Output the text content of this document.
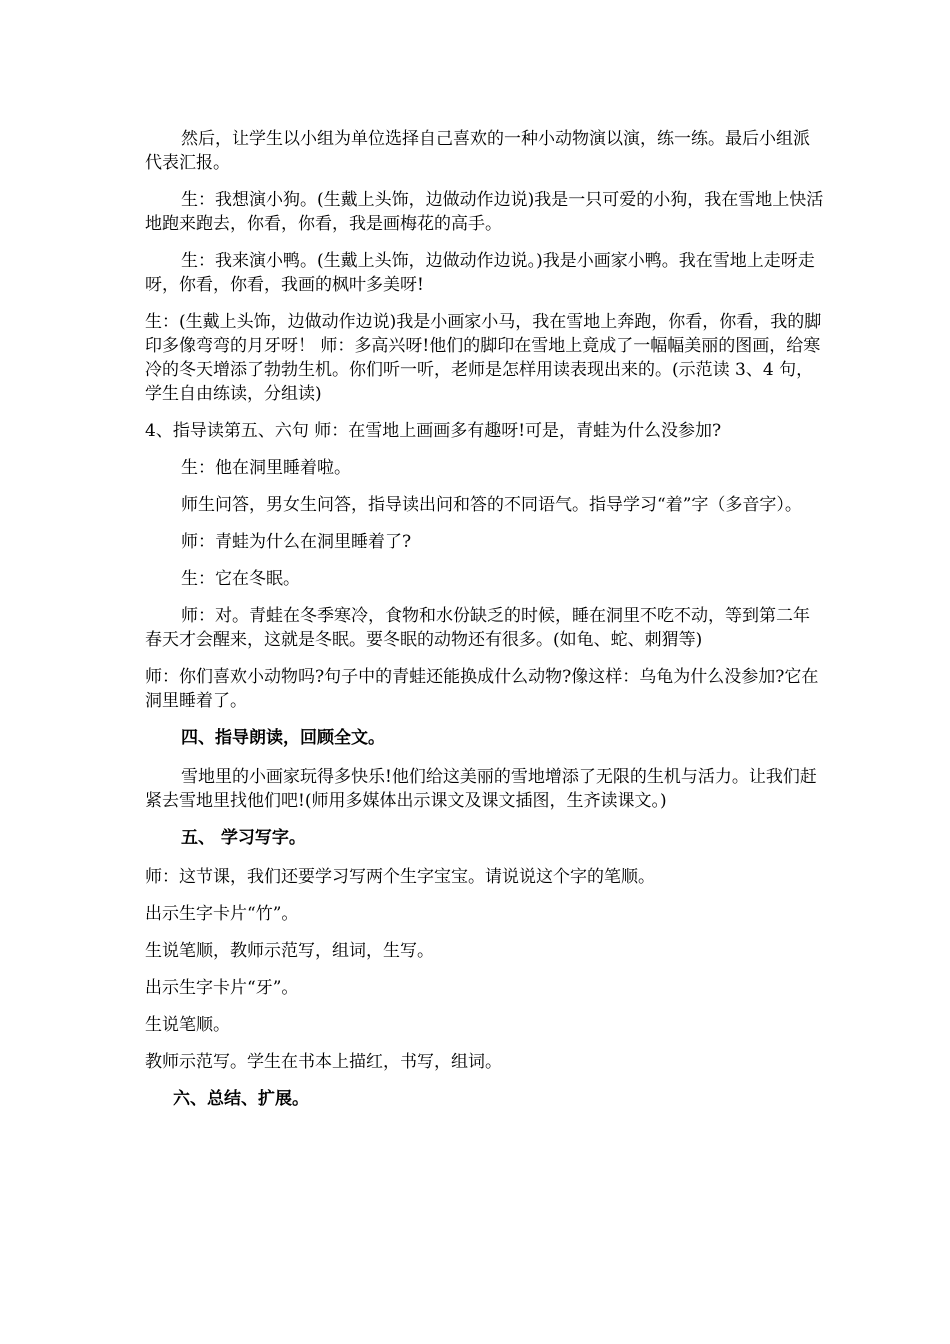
然后，让学生以小组为单位选择自己喜欢的一种小动物演以演，练一练。最后小组派代表汇报。

生：我想演小狗。(生戴上头饰，边做动作边说)我是一只可爱的小狗，我在雪地上快活地跑来跑去，你看，你看，我是画梅花的高手。

生：我来演小鸭。(生戴上头饰，边做动作边说。)我是小画家小鸭。我在雪地上走呀走呀，你看，你看，我画的枫叶多美呀!

生：(生戴上头饰，边做动作边说)我是小画家小马，我在雪地上奔跑，你看，你看，我的脚印多像弯弯的月牙呀！ 师：多高兴呀!他们的脚印在雪地上竟成了一幅幅美丽的图画，给寒冷的冬天增添了勃勃生机。你们听一听，老师是怎样用读表现出来的。(示范读 3、4 句，学生自由练读，分组读)

4、指导读第五、六句 师：在雪地上画画多有趣呀!可是，青蛙为什么没参加?

生：他在洞里睡着啦。

师生问答，男女生问答，指导读出问和答的不同语气。指导学习“着”字（多音字）。

师：青蛙为什么在洞里睡着了?

生：它在冬眠。

师：对。青蛙在冬季寒冷，食物和水份缺乏的时候，睡在洞里不吃不动，等到第二年春天才会醒来，这就是冬眠。要冬眠的动物还有很多。(如龟、蛇、刺猬等)

师：你们喜欢小动物吗?句子中的青蛙还能换成什么动物?像这样：乌龟为什么没参加?它在洞里睡着了。

四、指导朗读，回顾全文。

雪地里的小画家玩得多快乐!他们给这美丽的雪地增添了无限的生机与活力。让我们赶紧去雪地里找他们吧!(师用多媒体出示课文及课文插图，生齐读课文。)

五、 学习写字。

师：这节课，我们还要学习写两个生字宝宝。请说说这个字的笔顺。

出示生字卡片“竹”。

生说笔顺，教师示范写，组词，生写。

出示生字卡片“牙”。

生说笔顺。

教师示范写。学生在书本上描红，书写，组词。

六、总结、扩展。
